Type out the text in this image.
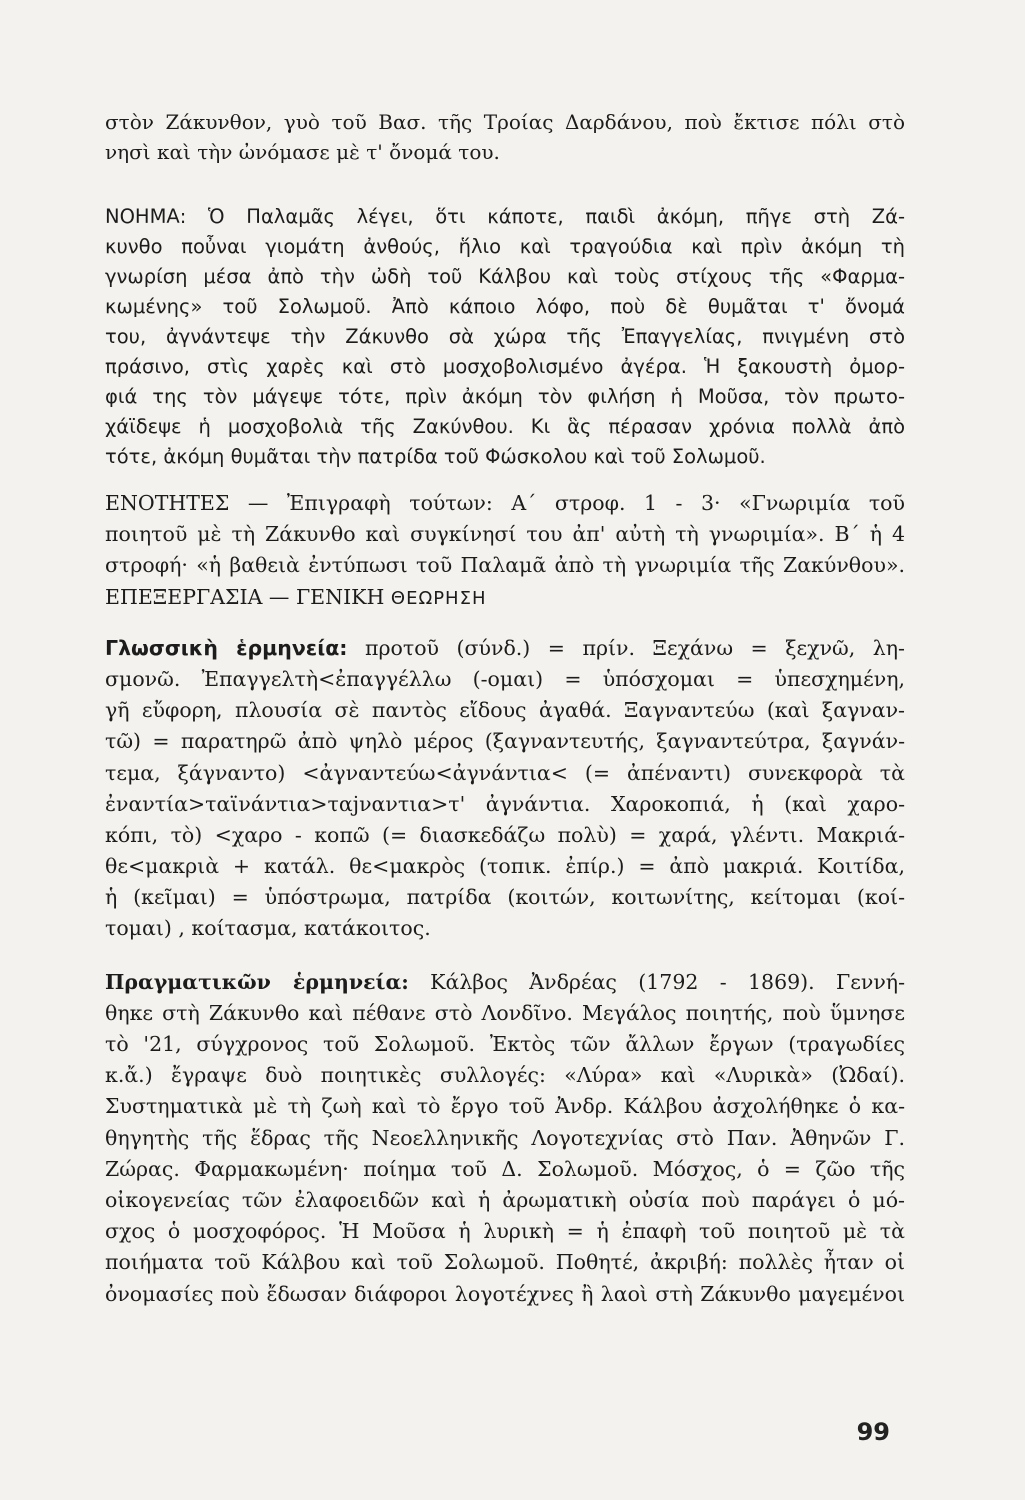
στὸν Ζάκυνθον, γυὸ τοῦ Βασ. τῆς Τροίας Δαρδάνου, ποὺ ἔκτισε πόλι στὸ
νησὶ καὶ τὴν ὠνόμασε μὲ τ' ὄνομά του.
ΝΟΗΜΑ: Ὁ Παλαμᾶς λέγει, ὅτι κάποτε, παιδὶ ἀκόμη, πῆγε στὴ Ζά-
κυνθο ποὖναι γιομάτη ἀνθούς, ἥλιο καὶ τραγούδια καὶ πρὶν ἀκόμη τὴ
γνωρίση μέσα ἀπὸ τὴν ὠδὴ τοῦ Κάλβου καὶ τοὺς στίχους τῆς «Φαρμα-
κωμένης» τοῦ Σολωμοῦ. Ἀπὸ κάποιο λόφο, ποὺ δὲ θυμᾶται τ' ὄνομά
του, ἀγνάντεψε τὴν Ζάκυνθο σὰ χώρα τῆς Ἐπαγγελίας, πνιγμένη στὸ
πράσινο, στὶς χαρὲς καὶ στὸ μοσχοβολισμένο ἀγέρα. Ἡ ξακουστὴ ὀμορ-
φιά της τὸν μάγεψε τότε, πρὶν ἀκόμη τὸν φιλήση ἡ Μοῦσα, τὸν πρωτο-
χάϊδεψε ἡ μοσχοβολιὰ τῆς Ζακύνθου. Κι ἃς πέρασαν χρόνια πολλὰ ἀπὸ
τότε, ἀκόμη θυμᾶται τὴν πατρίδα τοῦ Φώσκολου καὶ τοῦ Σολωμοῦ.
ΕΝΟΤΗΤΕΣ — Ἐπιγραφὴ τούτων: Α΄ στροφ. 1 - 3· «Γνωριμία τοῦ
ποιητοῦ μὲ τὴ Ζάκυνθο καὶ συγκίνησί του ἀπ' αὐτὴ τὴ γνωριμία». Β΄ ἡ 4
στροφή· «ἡ βαθειὰ ἐντύπωσι τοῦ Παλαμᾶ ἀπὸ τὴ γνωριμία τῆς Ζακύνθου».
ΕΠΕΞΕΡΓΑΣΙΑ — ΓΕΝΙΚΗ ΘΕΩΡΗΣΗ
Γλωσσικὴ ἑρμηνεία: προτοῦ (σύνδ.) = πρίν. Ξεχάνω = ξεχνῶ, λη-
σμονῶ. Ἐπαγγελτὴ<ἐπαγγέλλω (-ομαι) = ὑπόσχομαι = ὑπεσχημένη,
γῆ εὔφορη, πλουσία σὲ παντὸς εἴδους ἀγαθά. Ξαγναντεύω (καὶ ξαγναν-
τῶ) = παρατηρῶ ἀπὸ ψηλὸ μέρος (ξαγναντευτής, ξαγναντεύτρα, ξαγνάν-
τεμα, ξάγναντο) <ἀγναντεύω<ἀγνάντια< (= ἀπέναντι) συνεκφορὰ τὰ
ἐναντία>ταϊνάντια>ταjναντια>τ' ἀγνάντια. Χαροκοπιά, ἡ (καὶ χαρο-
κόπι, τὸ) <χαρο - κοπῶ (= διασκεδάζω πολὺ) = χαρά, γλέντι. Μακριά-
θε<μακριὰ + κατάλ. θε<μακρὸς (τοπικ. ἐπίρ.) = ἀπὸ μακριά. Κοιτίδα,
ἡ (κεῖμαι) = ὑπόστρωμα, πατρίδα (κοιτών, κοιτωνίτης, κείτομαι (κοί-
τομαι) , κοίτασμα, κατάκοιτος.
Πραγματικῶν ἑρμηνεία: Κάλβος Ἀνδρέας (1792 - 1869). Γεννή-
θηκε στὴ Ζάκυνθο καὶ πέθανε στὸ Λονδῖνο. Μεγάλος ποιητής, ποὺ ὕμνησε
τὸ '21, σύγχρονος τοῦ Σολωμοῦ. Ἐκτὸς τῶν ἄλλων ἔργων (τραγωδίες
κ.ἄ.) ἔγραψε δυὸ ποιητικὲς συλλογές: «Λύρα» καὶ «Λυρικὰ» (Ὠδαί).
Συστηματικὰ μὲ τὴ ζωὴ καὶ τὸ ἔργο τοῦ Ἀνδρ. Κάλβου ἀσχολήθηκε ὁ κα-
θηγητὴς τῆς ἕδρας τῆς Νεοελληνικῆς Λογοτεχνίας στὸ Παν. Ἀθηνῶν Γ.
Ζώρας. Φαρμακωμένη· ποίημα τοῦ Δ. Σολωμοῦ. Μόσχος, ὁ = ζῶο τῆς
οἰκογενείας τῶν ἐλαφοειδῶν καὶ ἡ ἀρωματικὴ οὐσία ποὺ παράγει ὁ μό-
σχος ὁ μοσχοφόρος. Ἡ Μοῦσα ἡ λυρικὴ = ἡ ἐπαφὴ τοῦ ποιητοῦ μὲ τὰ
ποιήματα τοῦ Κάλβου καὶ τοῦ Σολωμοῦ. Ποθητέ, ἀκριβή: πολλὲς ἦταν οἱ
ὀνομασίες ποὺ ἔδωσαν διάφοροι λογοτέχνες ἢ λαοὶ στὴ Ζάκυνθο μαγεμένοι
99
